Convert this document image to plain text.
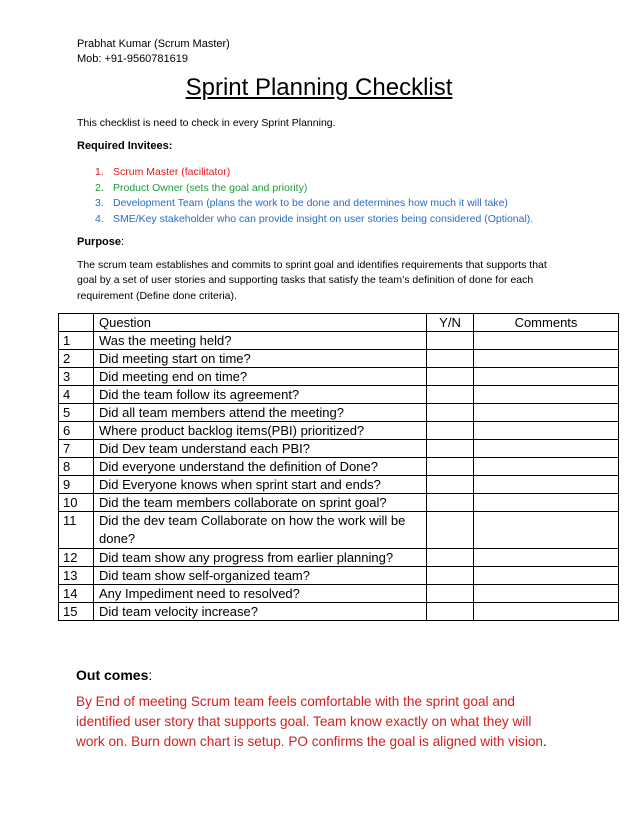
Prabhat Kumar (Scrum Master)
Mob: +91-9560781619
Sprint Planning Checklist
This checklist is need to check in every Sprint Planning.
Required Invitees:
1. Scrum Master (facilitator)
2. Product Owner (sets the goal and priority)
3. Development Team (plans the work to be done and determines how much it will take)
4. SME/Key stakeholder who can provide insight on user stories being considered (Optional).
Purpose:
The scrum team establishes and commits to sprint goal and identifies requirements that supports that goal by a set of user stories and supporting tasks that satisfy the team’s definition of done for each requirement (Define done criteria).
	Question	Y/N	Comments
1	Was the meeting held?		
2	Did meeting start on time?		
3	Did meeting end on time?		
4	Did the team follow its agreement?		
5	Did all team members attend the meeting?		
6	Where product backlog items(PBI) prioritized?		
7	Did Dev team understand each PBI?		
8	Did everyone understand the definition of Done?		
9	Did Everyone knows when sprint start and ends?		
10	Did the team members collaborate on sprint goal?		
11	Did the dev team Collaborate on how the work will be done?		
12	Did team show any progress from earlier planning?		
13	Did team show self-organized team?		
14	Any Impediment need to resolved?		
15	Did team velocity increase?		
Out comes:
By End of meeting Scrum team feels comfortable with the sprint goal and identified user story that supports goal. Team know exactly on what they will work on. Burn down chart is setup. PO confirms the goal is aligned with vision.
